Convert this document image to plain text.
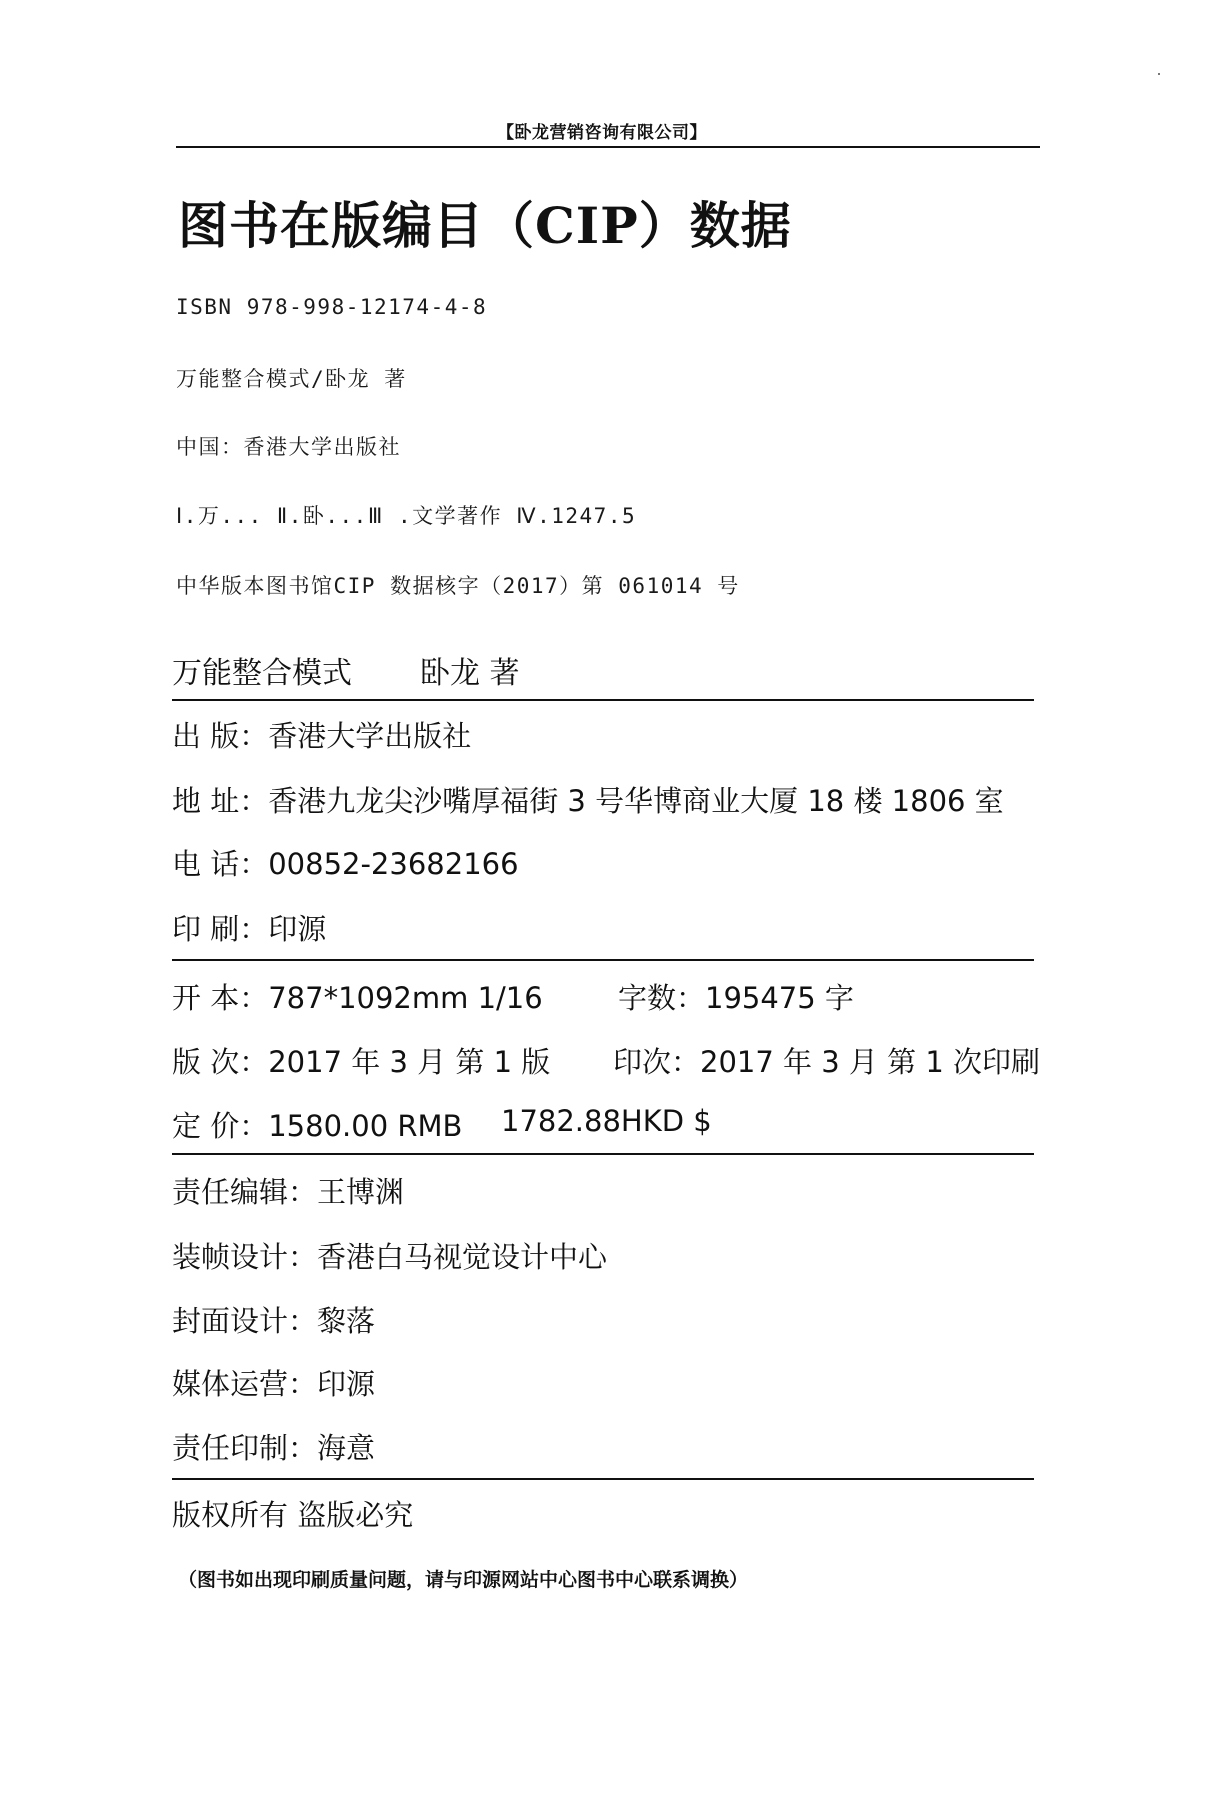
【卧龙营销咨询有限公司】
图书在版编目（CIP）数据
ISBN 978-998-12174-4-8
万能整合模式/卧龙 著
中国：香港大学出版社
Ⅰ.万... Ⅱ.卧...Ⅲ .文学著作 Ⅳ.1247.5
中华版本图书馆CIP 数据核字（2017）第 061014 号
万能整合模式 卧龙 著
出 版：香港大学出版社
地 址：香港九龙尖沙嘴厚福街 3 号华博商业大厦 18 楼 1806 室
电 话：00852-23682166
印 刷：印源
开 本：787*1092mm 1/16	字数：195475 字
版 次：2017 年 3 月 第 1 版 印次：2017 年 3 月 第 1 次印刷
定 价：1580.00 RMB 1782.88HKD $
责任编辑：王博渊
装帧设计：香港白马视觉设计中心
封面设计：黎落
媒体运营：印源
责任印制：海意
版权所有 盗版必究
（图书如出现印刷质量问题，请与印源网站中心图书中心联系调换）
